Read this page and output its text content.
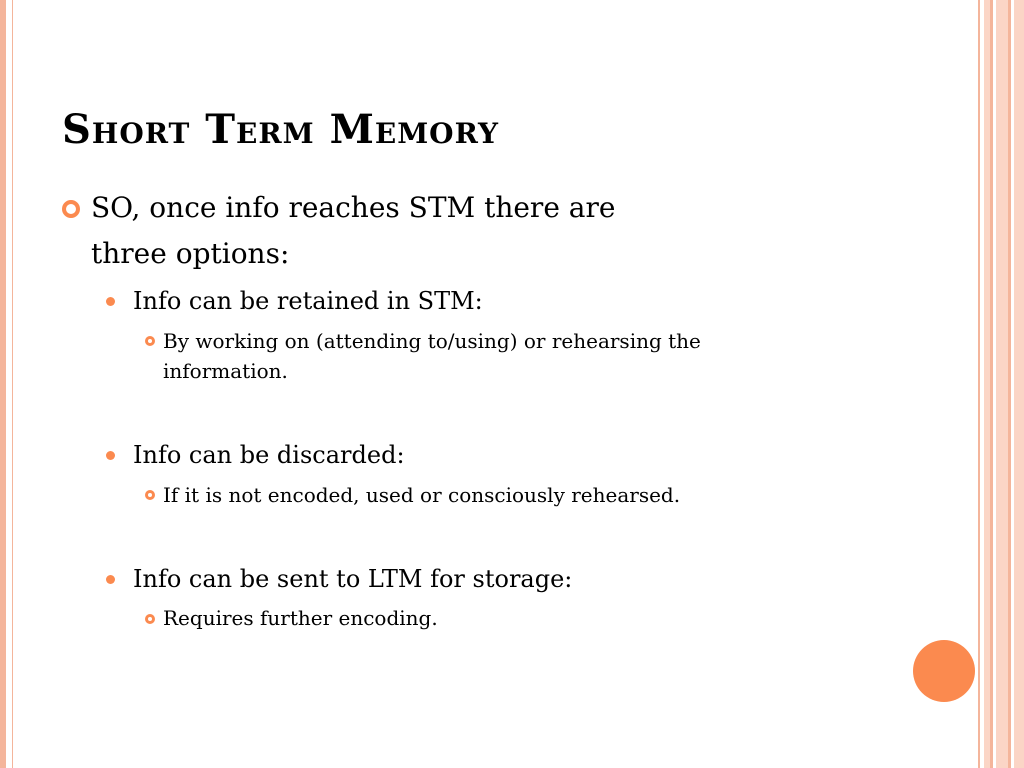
Short Term Memory
SO, once info reaches STM there are
three options:
Info can be retained in STM:
By working on (attending to/using) or rehearsing the information.
Info can be discarded:
If it is not encoded, used or consciously rehearsed.
Info can be sent to LTM for storage:
Requires further encoding.
